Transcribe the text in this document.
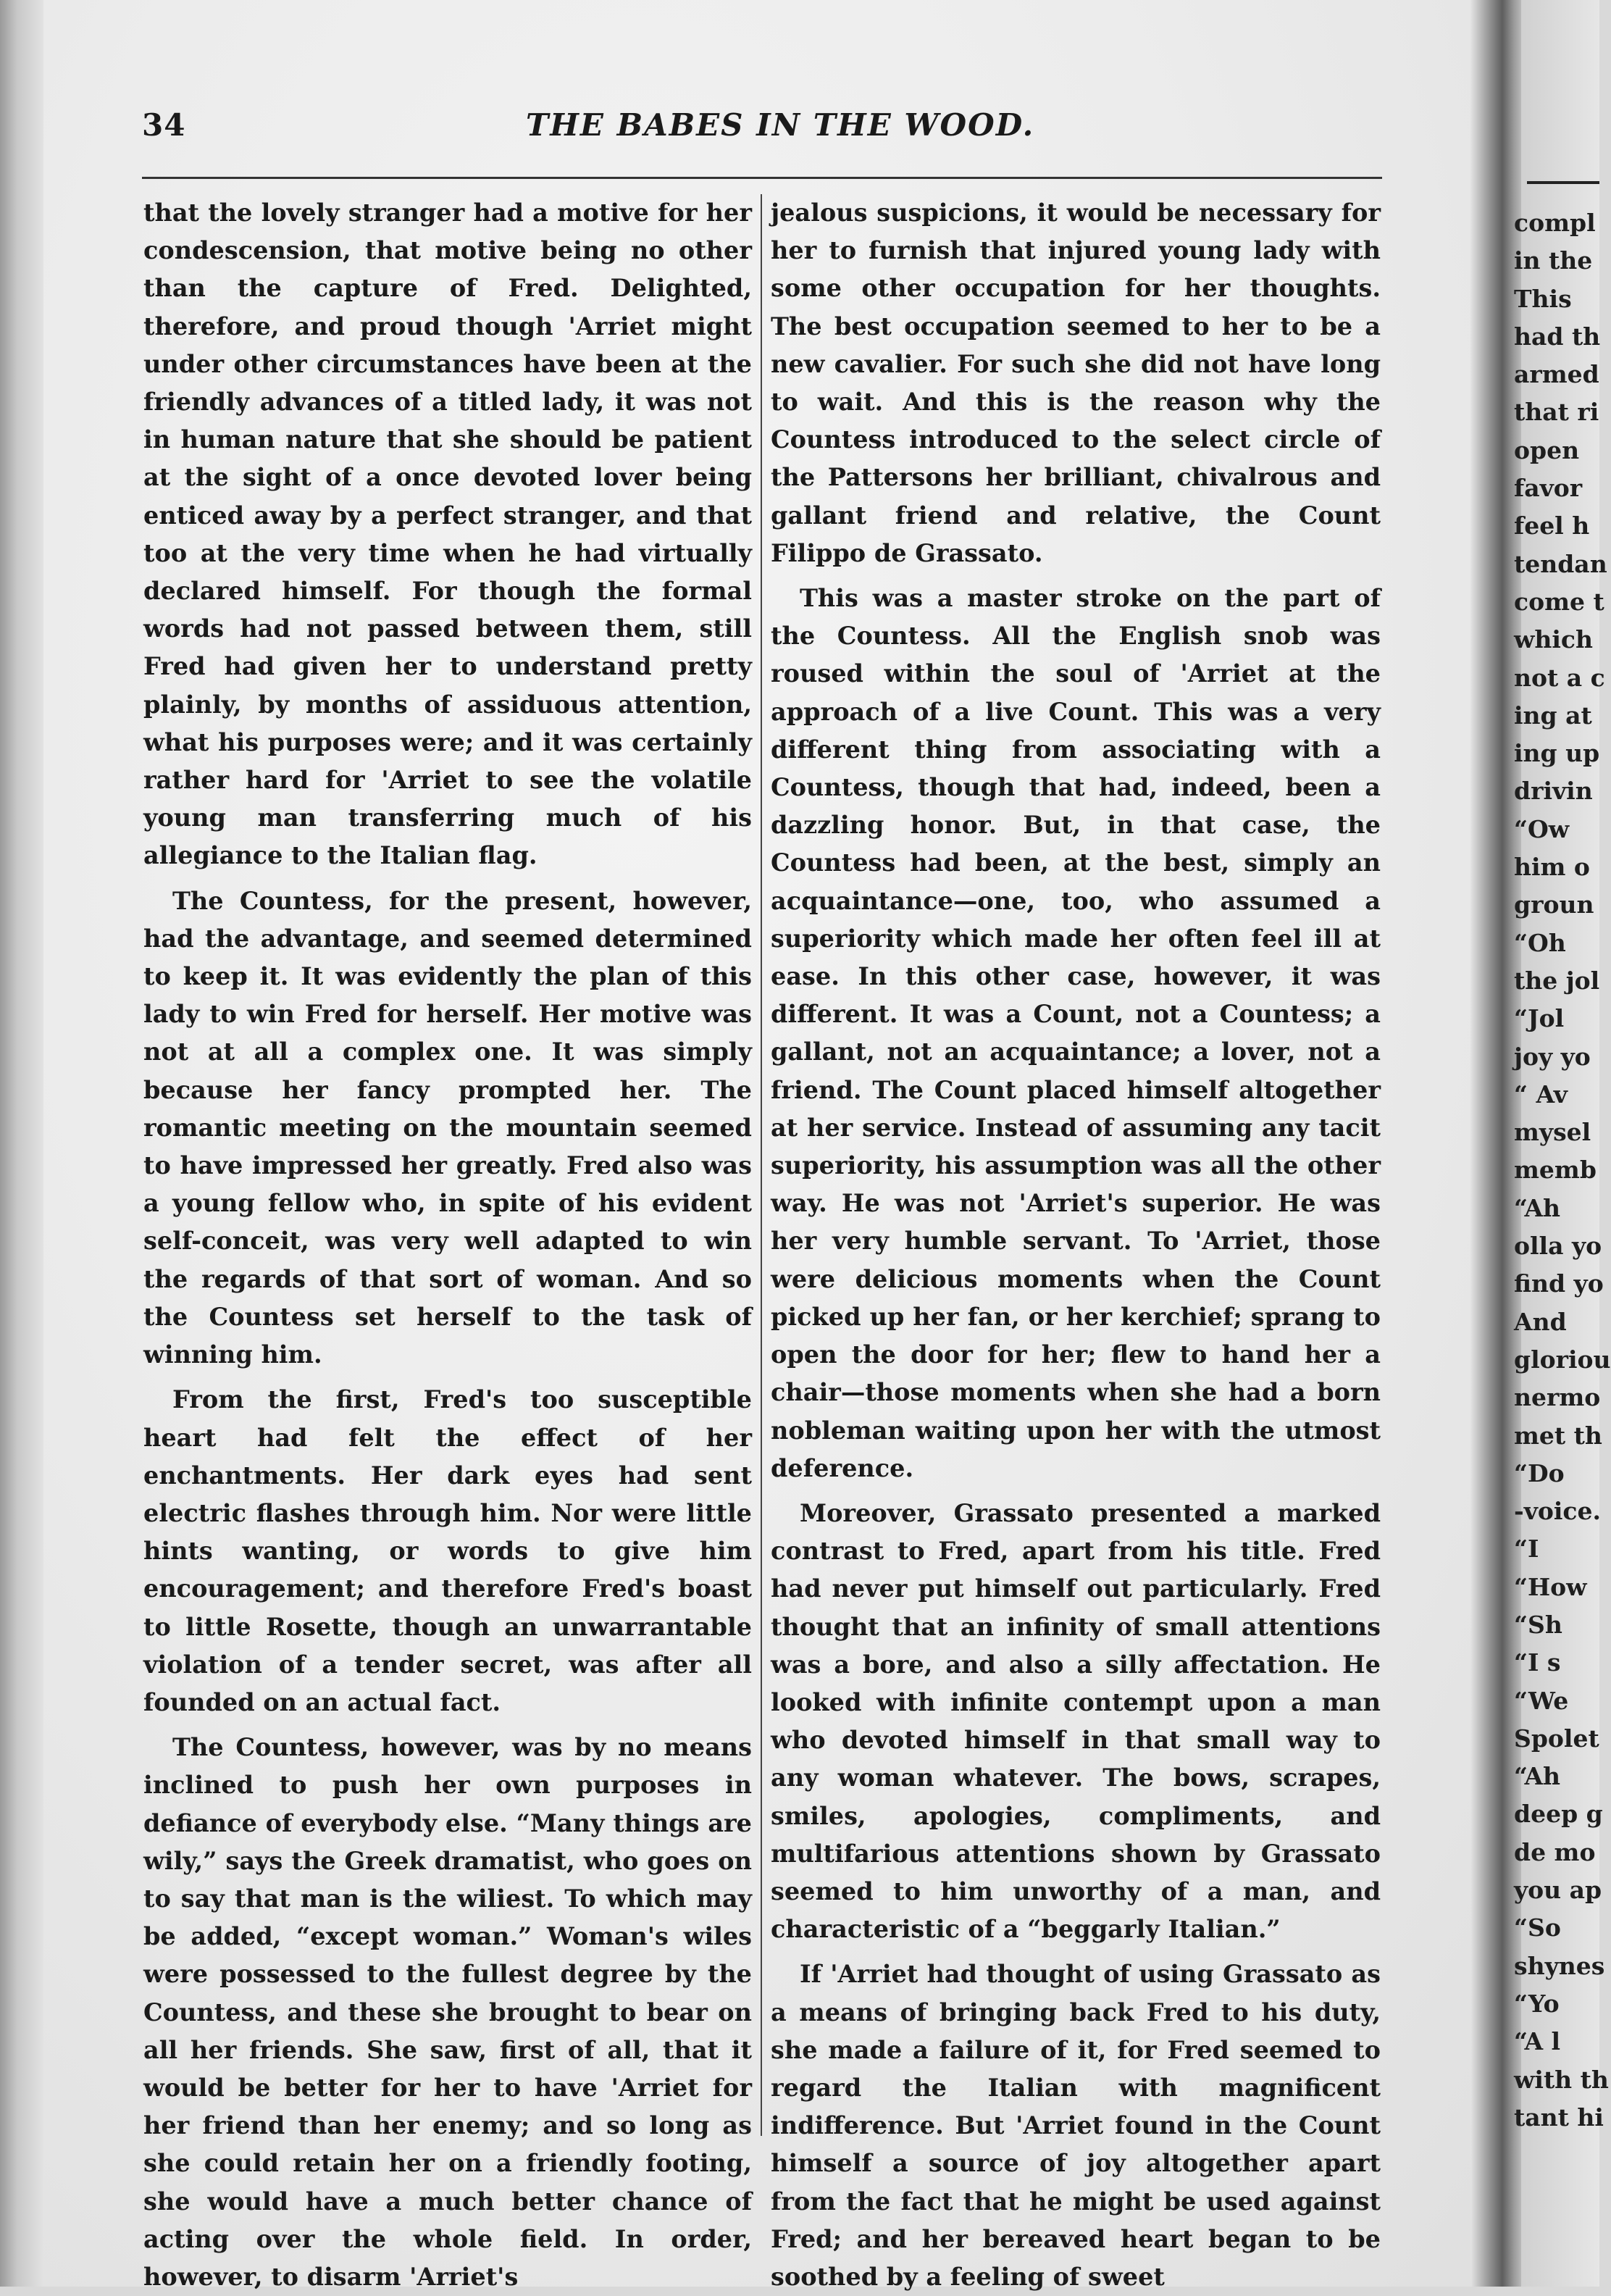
34	THE BABES IN THE WOOD.

that the lovely stranger had a motive for her condescension, that motive being no other than the capture of Fred. Delighted, therefore, and proud though 'Arriet might under other circumstances have been at the friendly advances of a titled lady, it was not in human nature that she should be patient at the sight of a once devoted lover being enticed away by a perfect stranger, and that too at the very time when he had virtually declared himself. For though the formal words had not passed between them, still Fred had given her to understand pretty plainly, by months of assiduous attention, what his purposes were; and it was certainly rather hard for 'Arriet to see the volatile young man transferring much of his allegiance to the Italian flag.

The Countess, for the present, however, had the advantage, and seemed determined to keep it. It was evidently the plan of this lady to win Fred for herself. Her motive was not at all a complex one. It was simply because her fancy prompted her. The romantic meeting on the mountain seemed to have impressed her greatly. Fred also was a young fellow who, in spite of his evident self-conceit, was very well adapted to win the regards of that sort of woman. And so the Countess set herself to the task of winning him.

From the first, Fred's too susceptible heart had felt the effect of her enchantments. Her dark eyes had sent electric flashes through him. Nor were little hints wanting, or words to give him encouragement; and therefore Fred's boast to little Rosette, though an unwarrantable violation of a tender secret, was after all founded on an actual fact.

The Countess, however, was by no means inclined to push her own purposes in defiance of everybody else. “Many things are wily,” says the Greek dramatist, who goes on to say that man is the wiliest. To which may be added, “except woman.” Woman's wiles were possessed to the fullest degree by the Countess, and these she brought to bear on all her friends. She saw, first of all, that it would be better for her to have 'Arriet for her friend than her enemy; and so long as she could retain her on a friendly footing, she would have a much better chance of acting over the whole field. In order, however, to disarm 'Arriet's

jealous suspicions, it would be necessary for her to furnish that injured young lady with some other occupation for her thoughts. The best occupation seemed to her to be a new cavalier. For such she did not have long to wait. And this is the reason why the Countess introduced to the select circle of the Pattersons her brilliant, chivalrous and gallant friend and relative, the Count Filippo de Grassato.

This was a master stroke on the part of the Countess. All the English snob was roused within the soul of 'Arriet at the approach of a live Count. This was a very different thing from associating with a Countess, though that had, indeed, been a dazzling honor. But, in that case, the Countess had been, at the best, simply an acquaintance—one, too, who assumed a superiority which made her often feel ill at ease. In this other case, however, it was different. It was a Count, not a Countess; a gallant, not an acquaintance; a lover, not a friend. The Count placed himself altogether at her service. Instead of assuming any tacit superiority, his assumption was all the other way. He was not 'Arriet's superior. He was her very humble servant. To 'Arriet, those were delicious moments when the Count picked up her fan, or her kerchief; sprang to open the door for her; flew to hand her a chair—those moments when she had a born nobleman waiting upon her with the utmost deference.

Moreover, Grassato presented a marked contrast to Fred, apart from his title. Fred had never put himself out particularly. Fred thought that an infinity of small attentions was a bore, and also a silly affectation. He looked with infinite contempt upon a man who devoted himself in that small way to any woman whatever. The bows, scrapes, smiles, apologies, compliments, and multifarious attentions shown by Grassato seemed to him unworthy of a man, and characteristic of a “beggarly Italian.”

If 'Arriet had thought of using Grassato as a means of bringing back Fred to his duty, she made a failure of it, for Fred seemed to regard the Italian with magnificent indifference. But 'Arriet found in the Count himself a source of joy altogether apart from the fact that he might be used against Fred; and her bereaved heart began to be soothed by a feeling of sweet

compl
in the
This
had th
armed
that ri
open
favor
feel h
tendan
come t
which
not a c
ing at
ing up
drivin
“Ow
him o
groun
“Oh
the jol
“Jol
joy yo
“ Av
mysel
memb
“Ah
olla yo
find yo
And
gloriou
nermo
met th
“Do
-voice.
“I
“How
“Sh
“I s
“We
Spolet
“Ah
deep g
de mo
you ap
“So
shynes
“Yo
“A l
with th
tant hi
